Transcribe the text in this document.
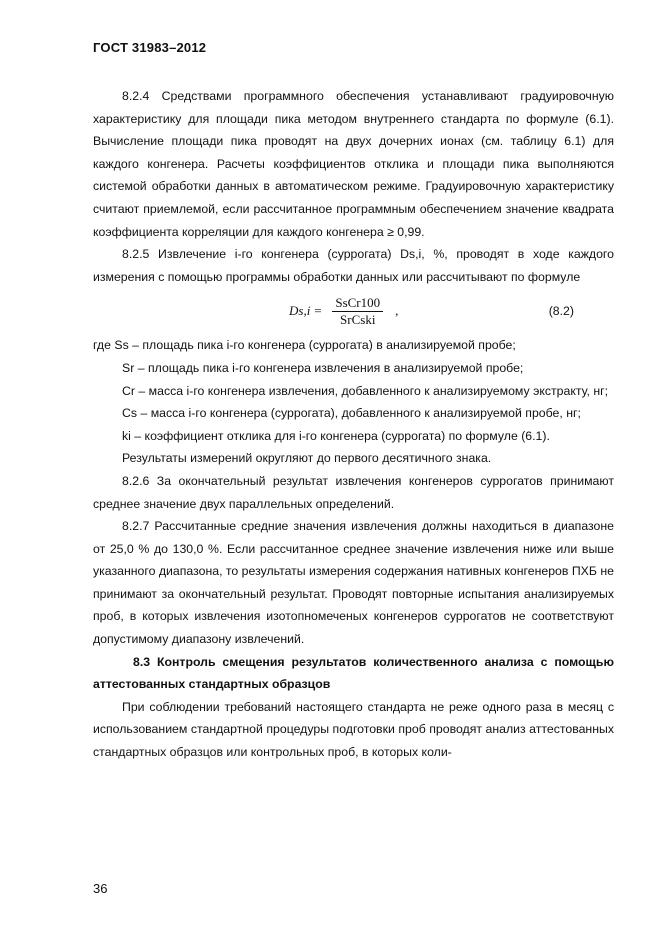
ГОСТ 31983–2012

8.2.4 Средствами программного обеспечения устанавливают градуировочную характеристику для площади пика методом внутреннего стандарта по формуле (6.1). Вычисление площади пика проводят на двух дочерних ионах (см. таблицу 6.1) для каждого конгенера. Расчеты коэффициентов отклика и площади пика выполняются системой обработки данных в автоматическом режиме. Градуировочную характеристику считают приемлемой, если рассчитанное программным обеспечением значение квадрата коэффициента корреляции для каждого конгенера ≥ 0,99.

8.2.5 Извлечение i-го конгенера (суррогата) Ds,i, %, проводят в ходе каждого измерения с помощью программы обработки данных или рассчитывают по формуле

$Ds,i = \frac{\text{SsCr100}}{\text{SrCski}}$ ,	(8.2)

где Ss – площадь пика i-го конгенера (суррогата) в анализируемой пробе;

Sr – площадь пика i-го конгенера извлечения в анализируемой пробе;

Cr – масса i-го конгенера извлечения, добавленного к анализируемому экстракту, нг;

Cs – масса i-го конгенера (суррогата), добавленного к анализируемой пробе, нг;

ki – коэффициент отклика для i-го конгенера (суррогата) по формуле (6.1).

Результаты измерений округляют до первого десятичного знака.

8.2.6 За окончательный результат извлечения конгенеров суррогатов принимают среднее значение двух параллельных определений.

8.2.7 Рассчитанные средние значения извлечения должны находиться в диапазоне от 25,0 % до 130,0 %. Если рассчитанное среднее значение извлечения ниже или выше указанного диапазона, то результаты измерения содержания нативных конгенеров ПХБ не принимают за окончательный результат. Проводят повторные испытания анализируемых проб, в которых извлечения изотопномеченых конгенеров суррогатов не соответствуют допустимому диапазону извлечений.

8.3 Контроль смещения результатов количественного анализа с помощью аттестованных стандартных образцов

При соблюдении требований настоящего стандарта не реже одного раза в месяц с использованием стандартной процедуры подготовки проб проводят анализ аттестованных стандартных образцов или контрольных проб, в которых коли-

36
